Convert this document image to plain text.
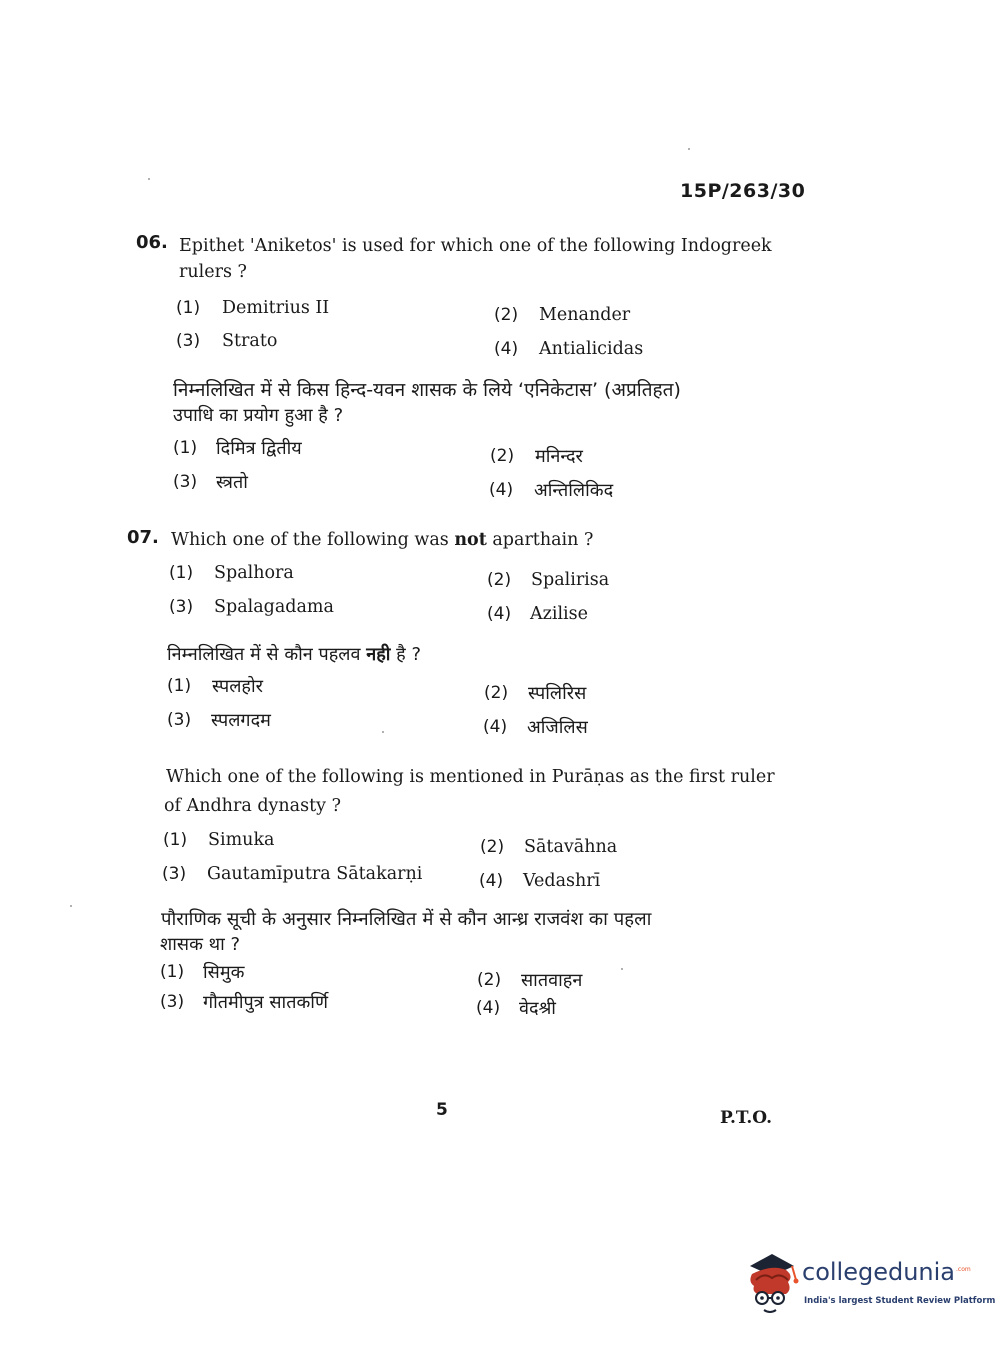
15P/263/30
06. Epithet 'Aniketos' is used for which one of the following Indogreek
rulers ?
(1) Demitrius II	(2) Menander
(3) Strato	(4) Antialicidas
निम्नलिखित में से किस हिन्द-यवन शासक के लिये ‘एनिकेटास’ (अप्रतिहत)
उपाधि का प्रयोग हुआ है ?
(1) दिमित्र द्वितीय	(2) मनिन्दर
(3) स्त्रतो	(4) अन्तिलिकिद
07. Which one of the following was not aparthain ?
(1) Spalhora	(2) Spalirisa
(3) Spalagadama	(4) Azilise
निम्नलिखित में से कौन पहलव नही है ?
(1) स्पलहोर	(2) स्पलिरिस
(3) स्पलगदम	(4) अजिलिस
Which one of the following is mentioned in Purāṇas as the first ruler
of Andhra dynasty ?
(1) Simuka	(2) Sātavāhna
(3) Gautamīputra Sātakarṇi	(4) Vedashrī
पौराणिक सूची के अनुसार निम्नलिखित में से कौन आन्ध्र राजवंश का पहला
शासक था ?
(1) सिमुक	(2) सातवाहन
(3) गौतमीपुत्र सातकर्णि	(4) वेदश्री
5	P.T.O.
collegedunia .com
India's largest Student Review Platform
